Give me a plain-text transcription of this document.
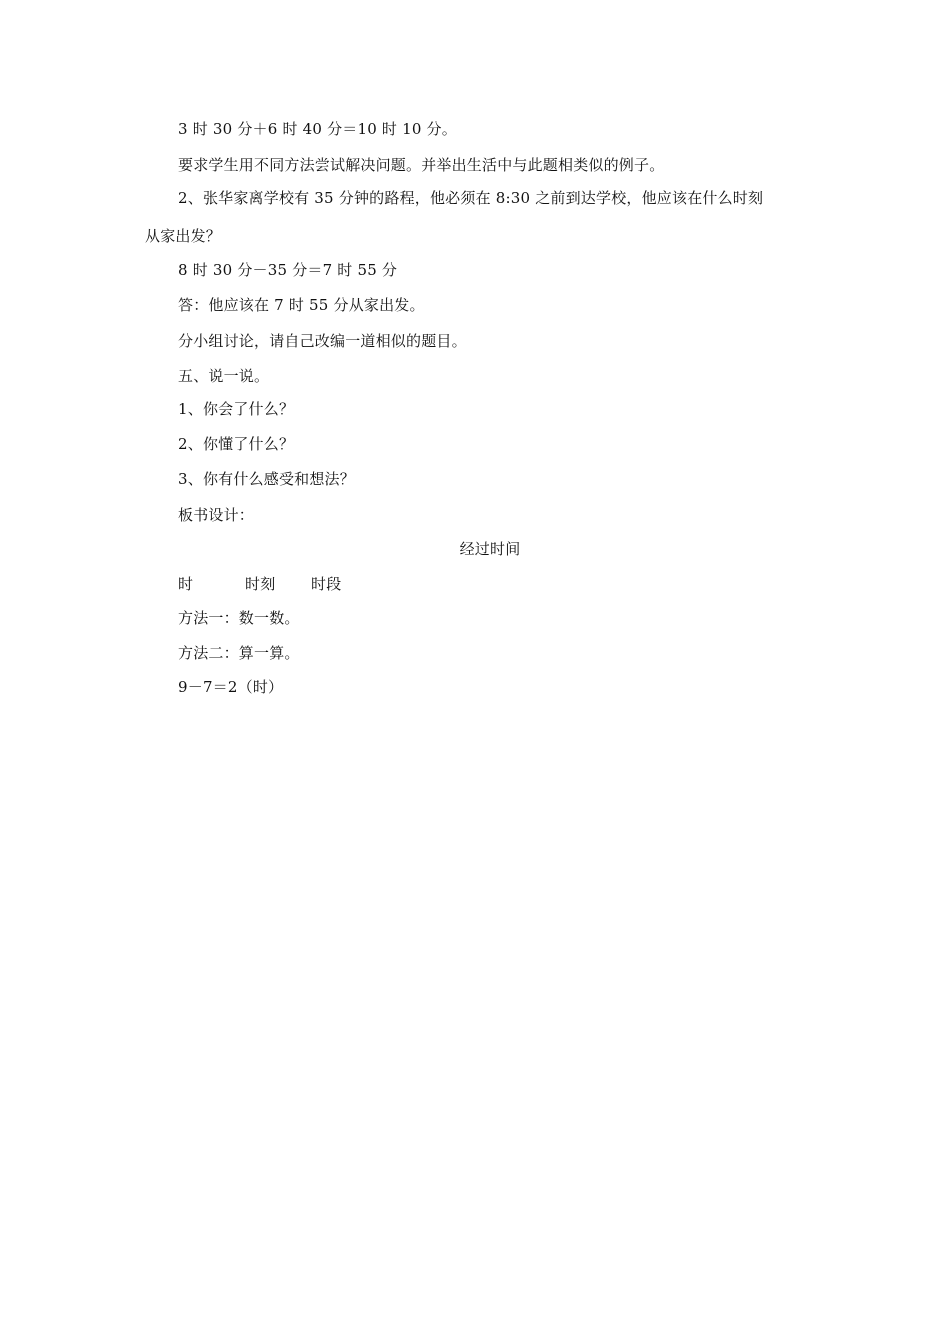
3 时 30 分＋6 时 40 分＝10 时 10 分。
要求学生用不同方法尝试解决问题。并举出生活中与此题相类似的例子。
2、张华家离学校有 35 分钟的路程，他必须在 8:30 之前到达学校，他应该在什么时刻
从家出发？
8 时 30 分－35 分＝7 时 55 分
答：他应该在 7 时 55 分从家出发。
分小组讨论，请自己改编一道相似的题目。
五、说一说。
1、你会了什么？
2、你懂了什么？
3、你有什么感受和想法？
板书设计：
经过时间
时	时刻 时段
方法一：数一数。
方法二：算一算。
9－7＝2（时）
